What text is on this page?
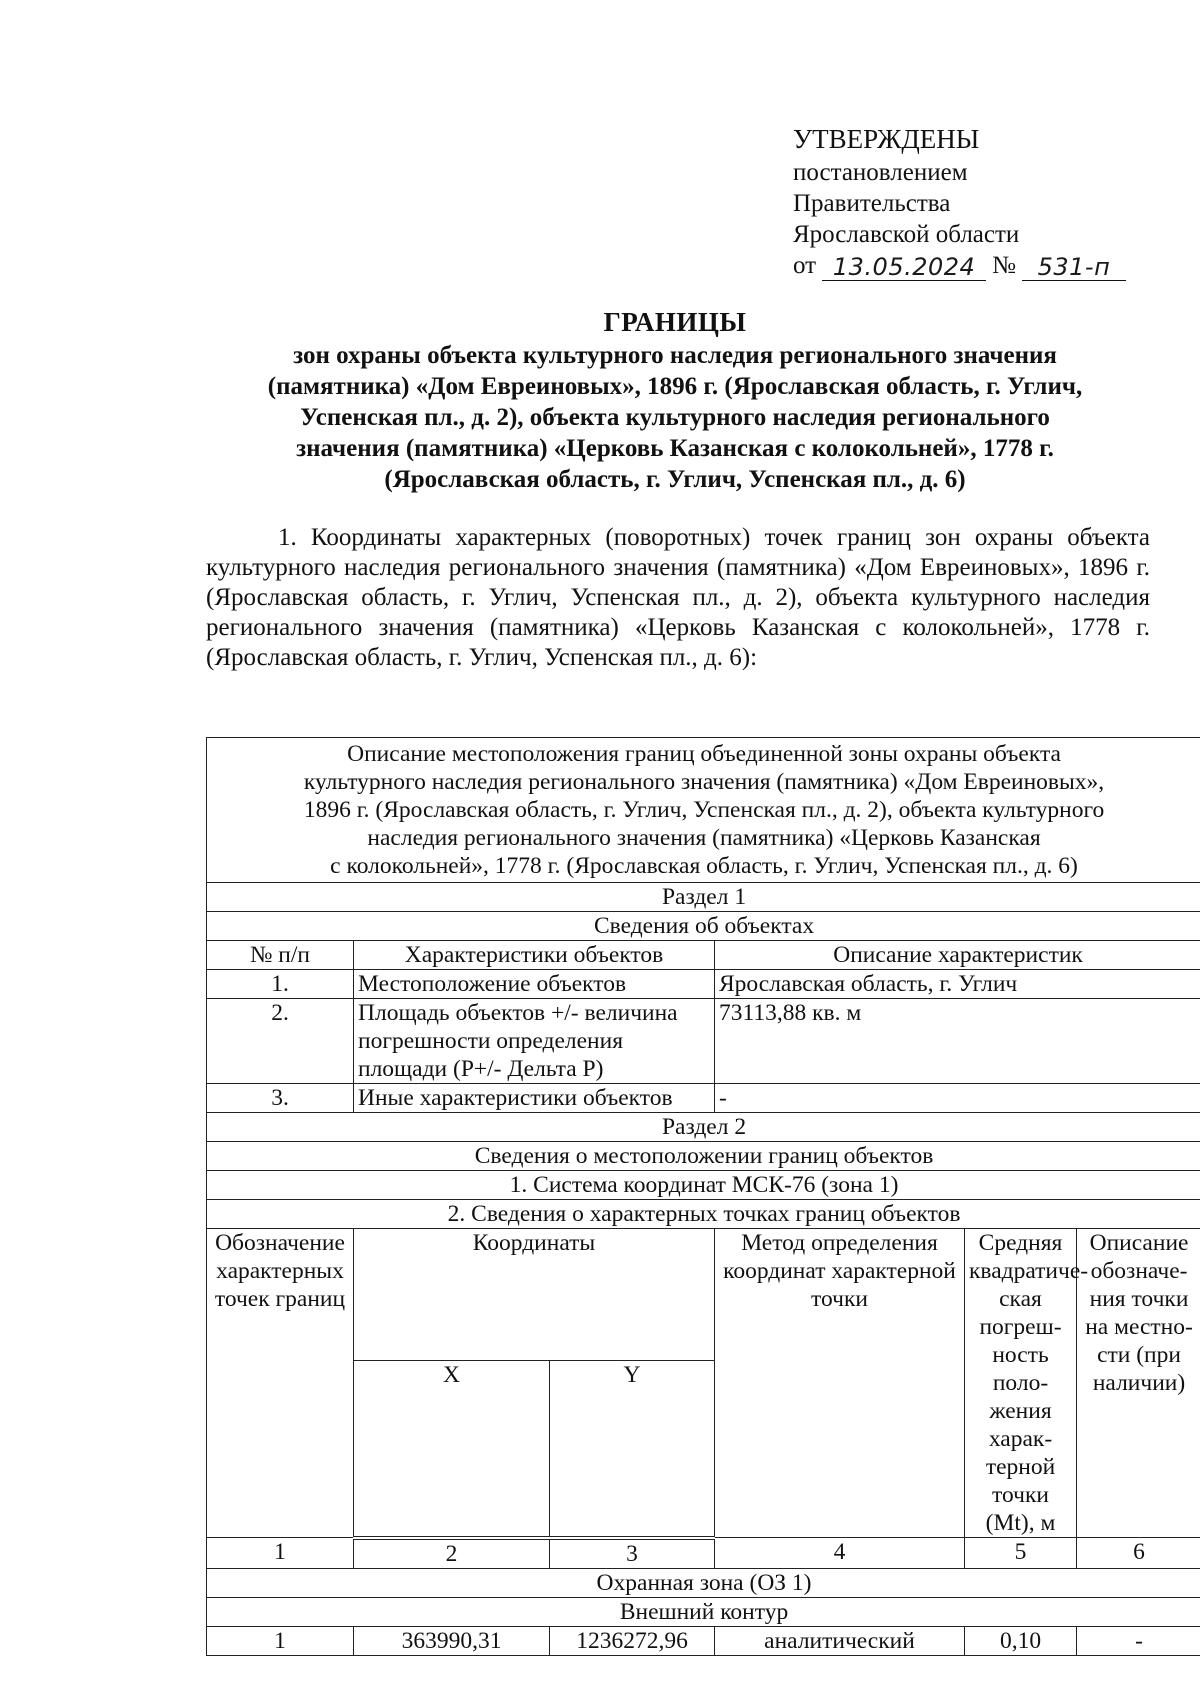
УТВЕРЖДЕНЫ
постановлением
Правительства
Ярославской области
от 13.05.2024 № 531-п
ГРАНИЦЫ
зон охраны объекта культурного наследия регионального значения
(памятника) «Дом Евреиновых», 1896 г. (Ярославская область, г. Углич,
Успенская пл., д. 2), объекта культурного наследия регионального
значения (памятника) «Церковь Казанская с колокольней», 1778 г.
(Ярославская область, г. Углич, Успенская пл., д. 6)
1. Координаты характерных (поворотных) точек границ зон охраны объекта культурного наследия регионального значения (памятника) «Дом Евреиновых», 1896 г. (Ярославская область, г. Углич, Успенская пл., д. 2), объекта культурного наследия регионального значения (памятника) «Церковь Казанская с колокольней», 1778 г. (Ярославская область, г. Углич, Успенская пл., д. 6):
Описание местоположения границ объединенной зоны охраны объекта
культурного наследия регионального значения (памятника) «Дом Евреиновых»,
1896 г. (Ярославская область, г. Углич, Успенская пл., д. 2), объекта культурного
наследия регионального значения (памятника) «Церковь Казанская
с колокольней», 1778 г. (Ярославская область, г. Углич, Успенская пл., д. 6)					

Раздел 1					
Сведения об объектах					
№ п/п	Характеристики объектов		Описание характеристик		
1.	Местоположение объектов		Ярославская область, г. Углич		
2.	Площадь объектов +/- величина погрешности определения площади (Р+/- Дельта Р)		73113,88 кв. м		
3.	Иные характеристики объектов		-		
Раздел 2					
Сведения о местоположении границ объектов					
1. Система координат МСК-76 (зона 1)					
2. Сведения о характерных точках границ объектов					
Обозначение характерных точек границ	Координаты		Метод определения координат характерной точки	Средняя квадратическая погрешность положения характерной точки (Mt), м	Описание обозначения точки на местности (при наличии)
	X	Y			
1	2	3	4	5	6
Охранная зона (ОЗ 1)					
Внешний контур					
1	363990,31	1236272,96	аналитический	0,10	-
